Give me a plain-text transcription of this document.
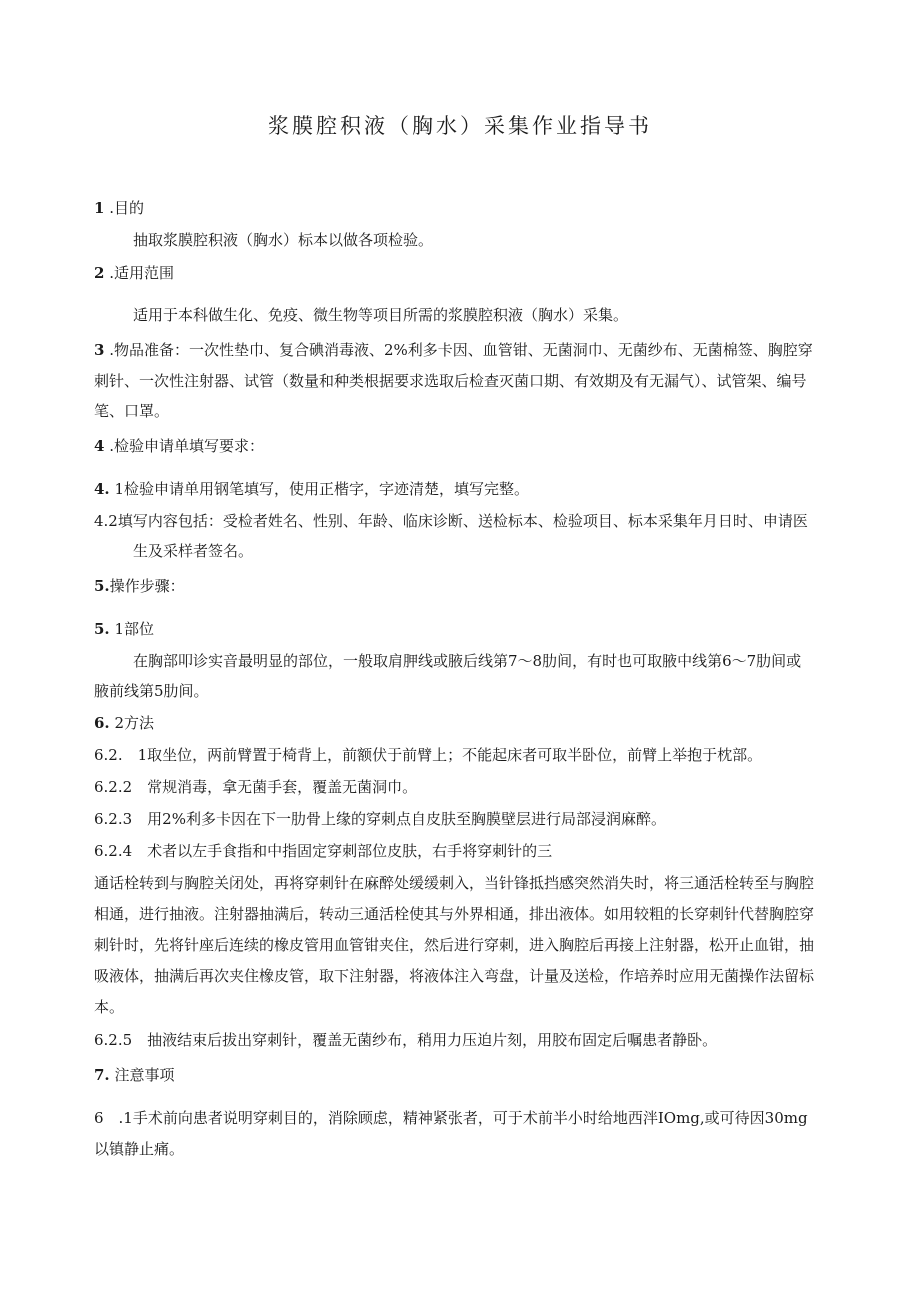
浆膜腔积液（胸水）采集作业指导书
1 .目的
抽取浆膜腔积液（胸水）标本以做各项检验。
2 .适用范围
适用于本科做生化、免疫、微生物等项目所需的浆膜腔积液（胸水）采集。
3 .物品准备：一次性垫巾、复合碘消毒液、2%利多卡因、血管钳、无菌洞巾、无菌纱布、无菌棉签、胸腔穿
刺针、一次性注射器、试管（数量和种类根据要求选取后检查灭菌口期、有效期及有无漏气）、试管架、编号
笔、口罩。
4 .检验申请单填写要求：
4. 1检验申请单用钢笔填写，使用正楷字，字迹清楚，填写完整。
4.2填写内容包括：受检者姓名、性别、年龄、临床诊断、送检标本、检验项目、标本采集年月日时、申请医
生及采样者签名。
5.操作步骤：
5. 1部位
在胸部叩诊实音最明显的部位，一般取肩胛线或腋后线第7～8肋间，有时也可取腋中线第6～7肋间或
腋前线第5肋间。
6. 2方法
6.2.　1取坐位，两前臂置于椅背上，前额伏于前臂上；不能起床者可取半卧位，前臂上举抱于枕部。
6.2.2　常规消毒，拿无菌手套，覆盖无菌洞巾。
6.2.3　用2%利多卡因在下一肋骨上缘的穿刺点自皮肤至胸膜壁层进行局部浸润麻醉。
6.2.4　术者以左手食指和中指固定穿刺部位皮肤，右手将穿刺针的三
通话栓转到与胸腔关闭处，再将穿刺针在麻醉处缓缓刺入，当针锋抵挡感突然消失时，将三通活栓转至与胸腔
相通，进行抽液。注射器抽满后，转动三通活栓使其与外界相通，排出液体。如用较粗的长穿刺针代替胸腔穿
刺针时，先将针座后连续的橡皮管用血管钳夹住，然后进行穿刺，进入胸腔后再接上注射器，松开止血钳，抽
吸液体，抽满后再次夹住橡皮管，取下注射器，将液体注入弯盘，计量及送检，作培养时应用无菌操作法留标
本。
6.2.5　抽液结束后拔出穿刺针，覆盖无菌纱布，稍用力压迫片刻，用胶布固定后嘱患者静卧。
7. 注意事项
6　.1手术前向患者说明穿刺目的，消除顾虑，精神紧张者，可于术前半小时给地西泮IOmg,或可待因30mg
以镇静止痛。
